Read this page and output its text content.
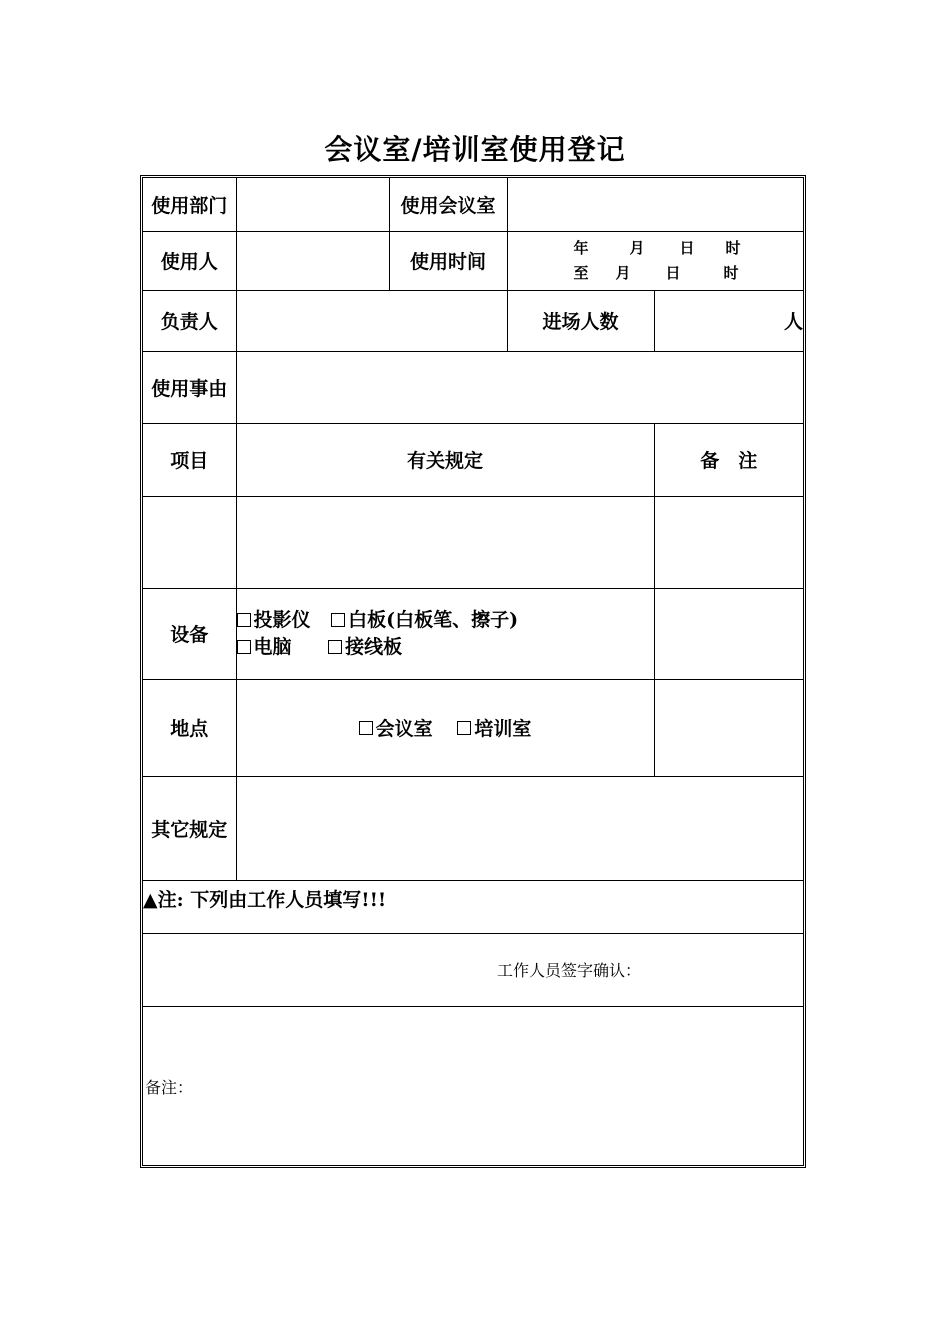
会议室/培训室使用登记
使用部门		使用会议室		
使用人		使用时间	年 月 日 时
至 月 日 时	

负责人			进场人数	人
使用事由				
项目	有关规定			备　注

设备	投影仪
白板(白板笔、擦子)
电脑
接线板			

地点	会议室
培训室			

其它规定				
▲注: 下列由工作人员填写!!!				
工作人员签字确认：				
备注：				
